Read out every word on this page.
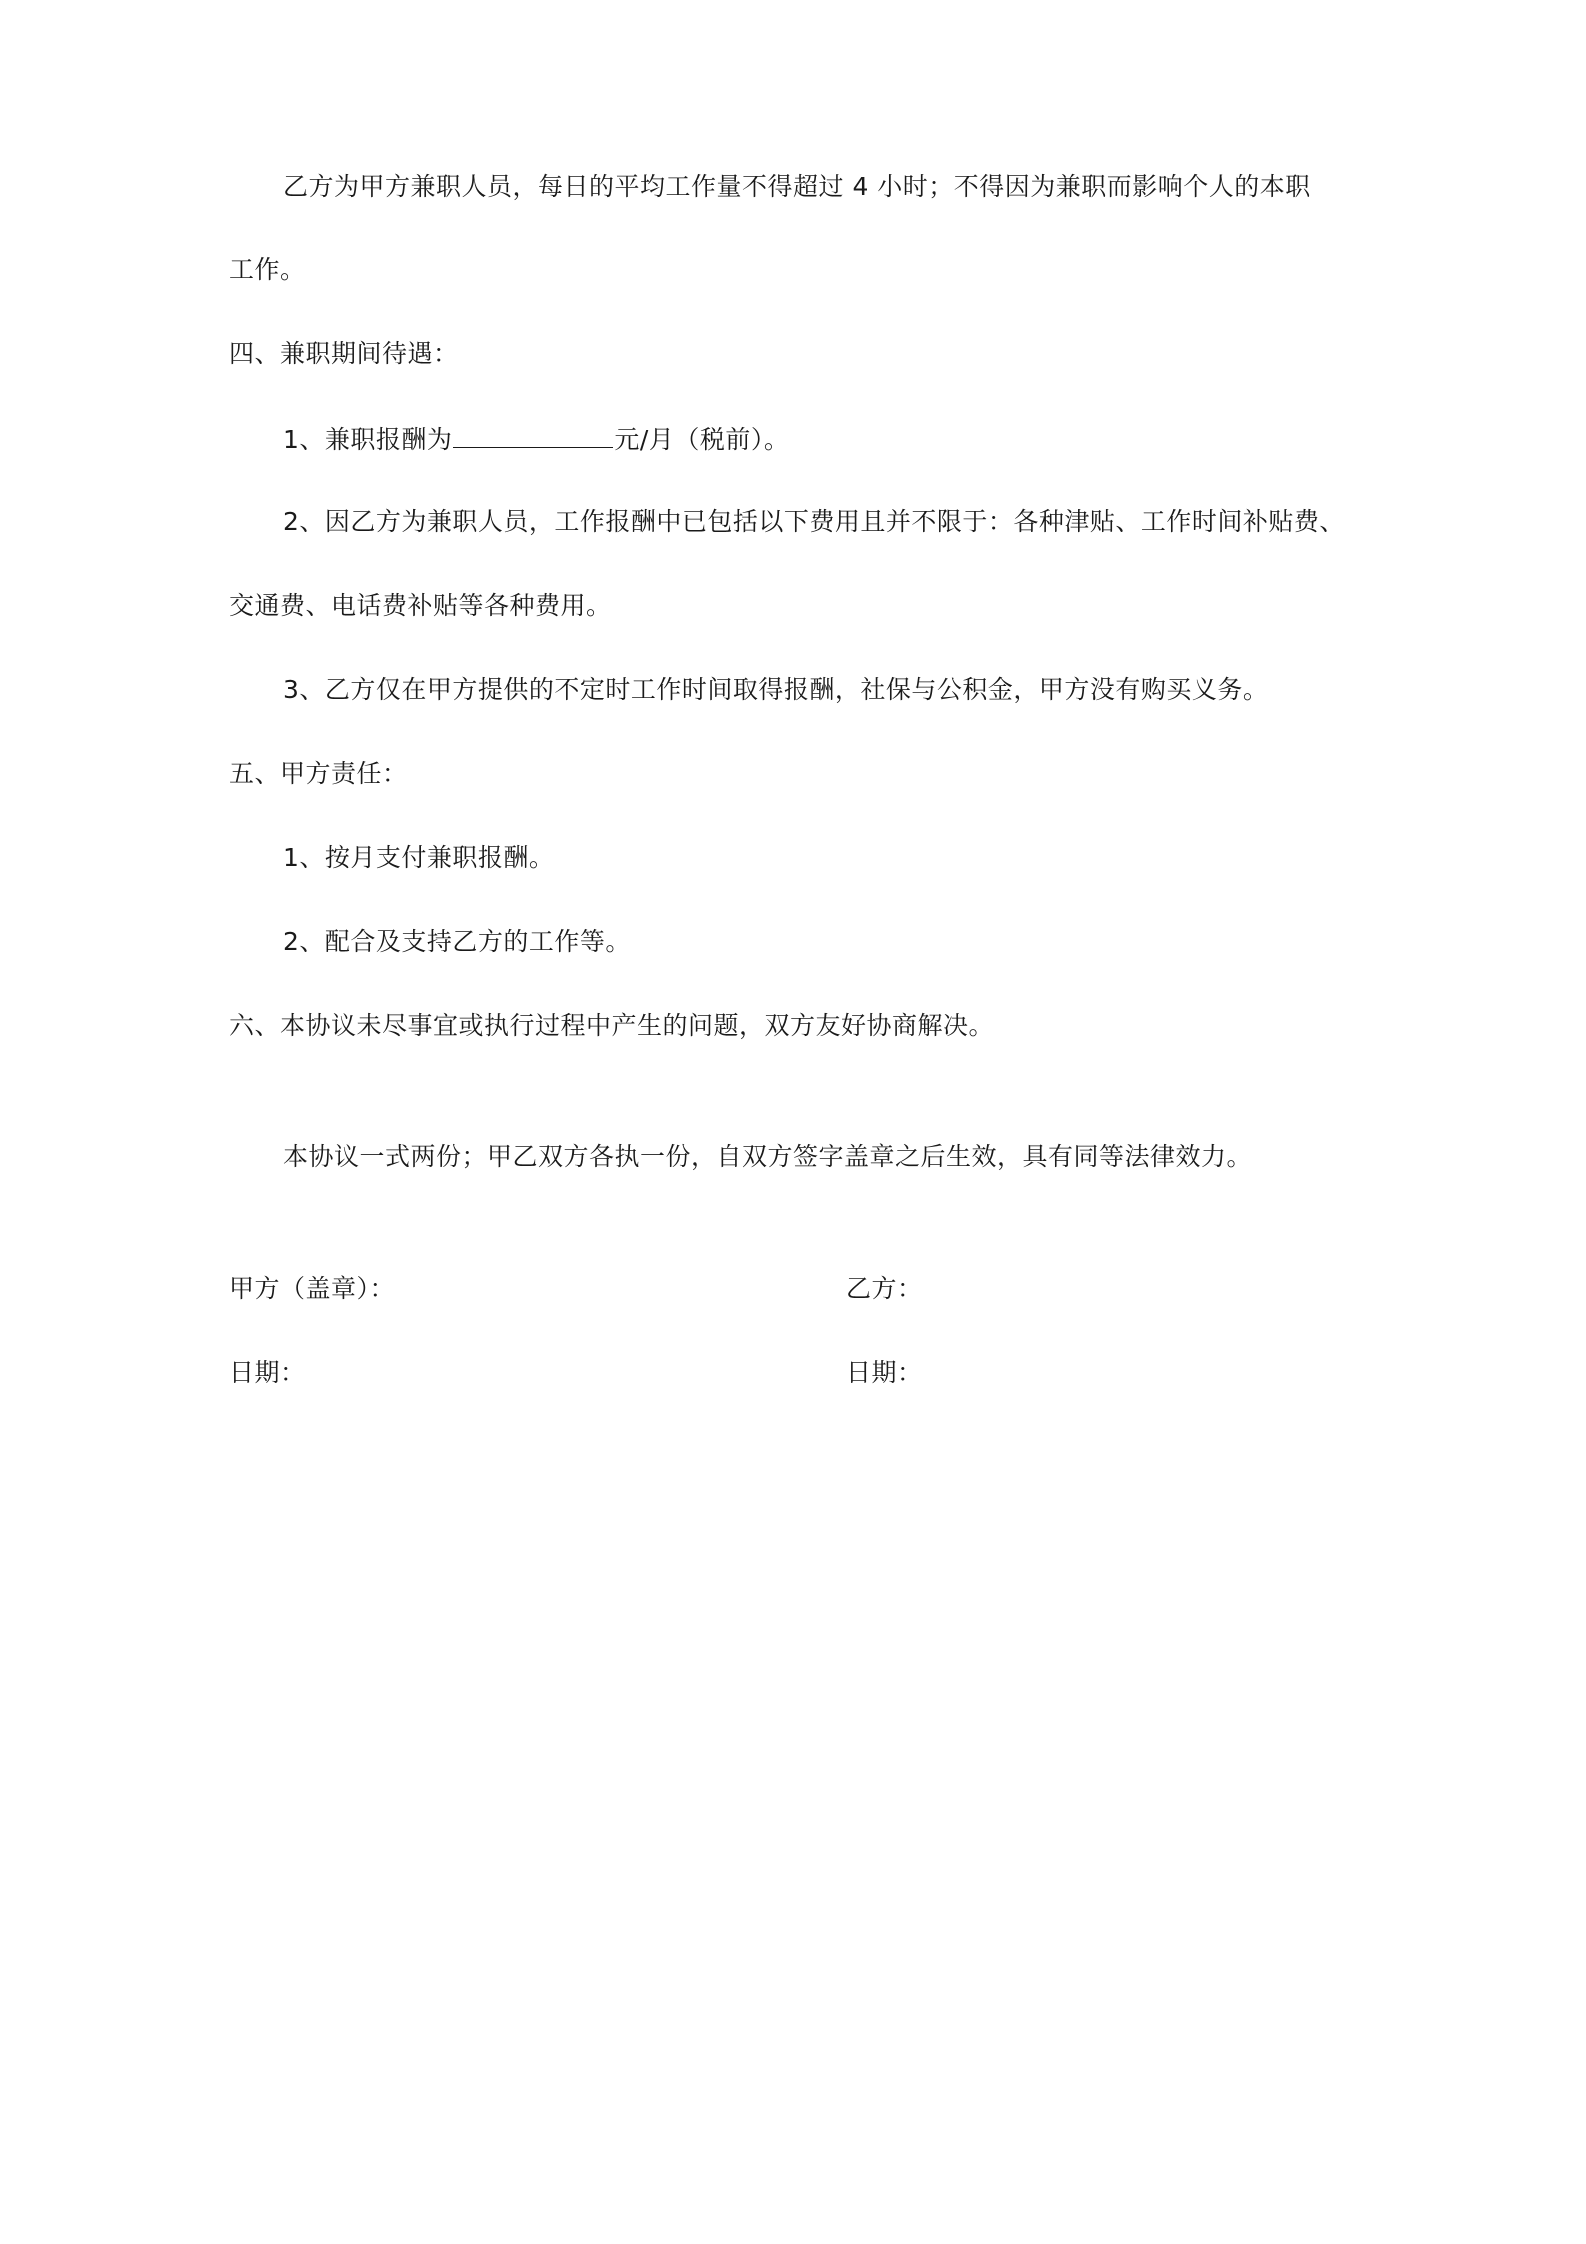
乙方为甲方兼职人员，每日的平均工作量不得超过 4 小时；不得因为兼职而影响个人的本职
工作。
四、兼职期间待遇：
1、兼职报酬为	元/月（税前）。
2、因乙方为兼职人员，工作报酬中已包括以下费用且并不限于：各种津贴、工作时间补贴费、
交通费、电话费补贴等各种费用。
3、乙方仅在甲方提供的不定时工作时间取得报酬，社保与公积金，甲方没有购买义务。
五、甲方责任：
1、按月支付兼职报酬。
2、配合及支持乙方的工作等。
六、本协议未尽事宜或执行过程中产生的问题，双方友好协商解决。
本协议一式两份；甲乙双方各执一份，自双方签字盖章之后生效，具有同等法律效力。
甲方（盖章）：	乙方：
日期：	日期：
